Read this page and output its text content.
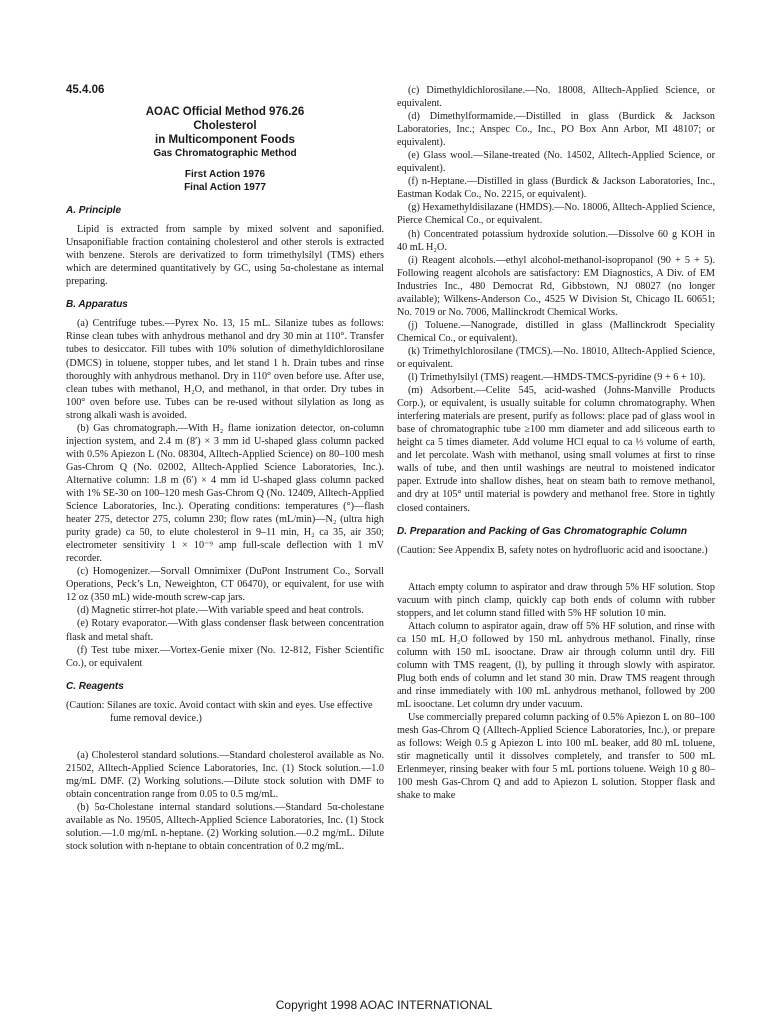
45.4.06

AOAC Official Method 976.26

Cholesterol

in Multicomponent Foods

Gas Chromatographic Method

First Action 1976

Final Action 1977

A. Principle

Lipid is extracted from sample by mixed solvent and saponified. Unsaponifiable fraction containing cholesterol and other sterols is extracted with benzene. Sterols are derivatized to form trimethylsilyl (TMS) ethers which are determined quantitatively by GC, using 5α-cholestane as internal preparing.

B. Apparatus

(a) Centrifuge tubes.—Pyrex No. 13, 15 mL. Silanize tubes as follows: Rinse clean tubes with anhydrous methanol and dry 30 min at 110°. Transfer tubes to desiccator. Fill tubes with 10% solution of dimethyldichlorosilane (DMCS) in toluene, stopper tubes, and let stand 1 h. Drain tubes and rinse thoroughly with anhydrous methanol. Dry in 110° oven before use. After use, clean tubes with methanol, H₂O, and methanol, in that order. Dry tubes in 100° oven before use. Tubes can be re-used without silylation as long as strong alkali wash is avoided.

(b) Gas chromatograph.—With H₂ flame ionization detector, on-column injection system, and 2.4 m (8′) × 3 mm id U-shaped glass column packed with 0.5% Apiezon L (No. 08304, Alltech-Applied Science) on 80–100 mesh Gas-Chrom Q (No. 02002, Alltech-Applied Science Laboratories, Inc.). Alternative column: 1.8 m (6′) × 4 mm id U-shaped glass column packed with 1% SE-30 on 100–120 mesh Gas-Chrom Q (No. 12409, Alltech-Applied Science Laboratories, Inc.). Operating conditions: temperatures (°)—flash heater 275, detector 275, column 230; flow rates (mL/min)—N₂ (ultra high purity grade) ca 50, to elute cholesterol in 9–11 min, H₂ ca 35, air 350; electrometer sensitivity 1 × 10⁻⁹ amp full-scale deflection with 1 mV recorder.

(c) Homogenizer.—Sorvall Omnimixer (DuPont Instrument Co., Sorvall Operations, Peck’s Ln, Neweighton, CT 06470), or equivalent, for use with 12 oz (350 mL) wide-mouth screw-cap jars.

(d) Magnetic stirrer-hot plate.—With variable speed and heat controls.

(e) Rotary evaporator.—With glass condenser flask between concentration flask and metal shaft.

(f) Test tube mixer.—Vortex-Genie mixer (No. 12-812, Fisher Scientific Co.), or equivalent

C. Reagents

(Caution: Silanes are toxic. Avoid contact with skin and eyes. Use effective fume removal device.)

(a) Cholesterol standard solutions.—Standard cholesterol available as No. 21502, Alltech-Applied Science Laboratories, Inc. (1) Stock solution.—1.0 mg/mL DMF. (2) Working solutions.—Dilute stock solution with DMF to obtain concentration range from 0.05 to 0.5 mg/mL.

(b) 5α-Cholestane internal standard solutions.—Standard 5α-cholestane available as No. 19505, Alltech-Applied Science Laboratories, Inc. (1) Stock solution.—1.0 mg/mL n-heptane. (2) Working solution.—0.2 mg/mL. Dilute stock solution with n-heptane to obtain concentration of 0.2 mg/mL.

(c) Dimethyldichlorosilane.—No. 18008, Alltech-Applied Science, or equivalent.

(d) Dimethylformamide.—Distilled in glass (Burdick & Jackson Laboratories, Inc.; Anspec Co., Inc., PO Box Ann Arbor, MI 48107; or equivalent).

(e) Glass wool.—Silane-treated (No. 14502, Alltech-Applied Science, or equivalent).

(f) n-Heptane.—Distilled in glass (Burdick & Jackson Laboratories, Inc., Eastman Kodak Co., No. 2215, or equivalent).

(g) Hexamethyldisilazane (HMDS).—No. 18006, Alltech-Applied Science, Pierce Chemical Co., or equivalent.

(h) Concentrated potassium hydroxide solution.—Dissolve 60 g KOH in 40 mL H₂O.

(i) Reagent alcohols.—ethyl alcohol-methanol-isopropanol (90 + 5 + 5). Following reagent alcohols are satisfactory: EM Diagnostics, A Div. of EM Industries Inc., 480 Democrat Rd, Gibbstown, NJ 08027 (no longer available); Wilkens-Anderson Co., 4525 W Division St, Chicago IL 60651; No. 7019 or No. 7006, Mallinckrodt Chemical Works.

(j) Toluene.—Nanograde, distilled in glass (Mallinckrodt Speciality Chemical Co., or equivalent).

(k) Trimethylchlorosilane (TMCS).—No. 18010, Alltech-Applied Science, or equivalent.

(l) Trimethylsilyl (TMS) reagent.—HMDS-TMCS-pyridine (9 + 6 + 10).

(m) Adsorbent.—Celite 545, acid-washed (Johns-Manville Products Corp.), or equivalent, is usually suitable for column chromatography. When interfering materials are present, purify as follows: place pad of glass wool in base of chromatographic tube ≥100 mm diameter and add siliceous earth to height ca 5 times diameter. Add volume HCl equal to ca ⅓ volume of earth, and let percolate. Wash with methanol, using small volumes at first to rinse walls of tube, and then until washings are neutral to moistened indicator paper. Extrude into shallow dishes, heat on steam bath to remove methanol, and dry at 105° until material is powdery and methanol free. Store in tightly closed containers.

D. Preparation and Packing of Gas Chromatographic Column

(Caution: See Appendix B, safety notes on hydrofluoric acid and isooctane.)

Attach empty column to aspirator and draw through 5% HF solution. Stop vacuum with pinch clamp, quickly cap both ends of column with rubber stoppers, and let column stand filled with 5% HF solution 10 min.

Attach column to aspirator again, draw off 5% HF solution, and rinse with ca 150 mL H₂O followed by 150 mL anhydrous methanol. Finally, rinse column with 150 mL isooctane. Draw air through column until dry. Fill column with TMS reagent, (l), by pulling it through slowly with aspirator. Plug both ends of column and let stand 30 min. Draw TMS reagent through and rinse immediately with 100 mL anhydrous methanol, followed by 200 mL isooctane. Let column dry under vacuum.

Use commercially prepared column packing of 0.5% Apiezon L on 80–100 mesh Gas-Chrom Q (Alltech-Applied Science Laboratories, Inc.), or prepare as follows: Weigh 0.5 g Apiezon L into 100 mL beaker, add 80 mL toluene, stir magnetically until it dissolves completely, and transfer to 500 mL Erlenmeyer, rinsing beaker with four 5 mL portions toluene. Weigh 10 g 80–100 mesh Gas-Chrom Q and add to Apiezon L solution. Stopper flask and shake to make

Copyright 1998 AOAC INTERNATIONAL
